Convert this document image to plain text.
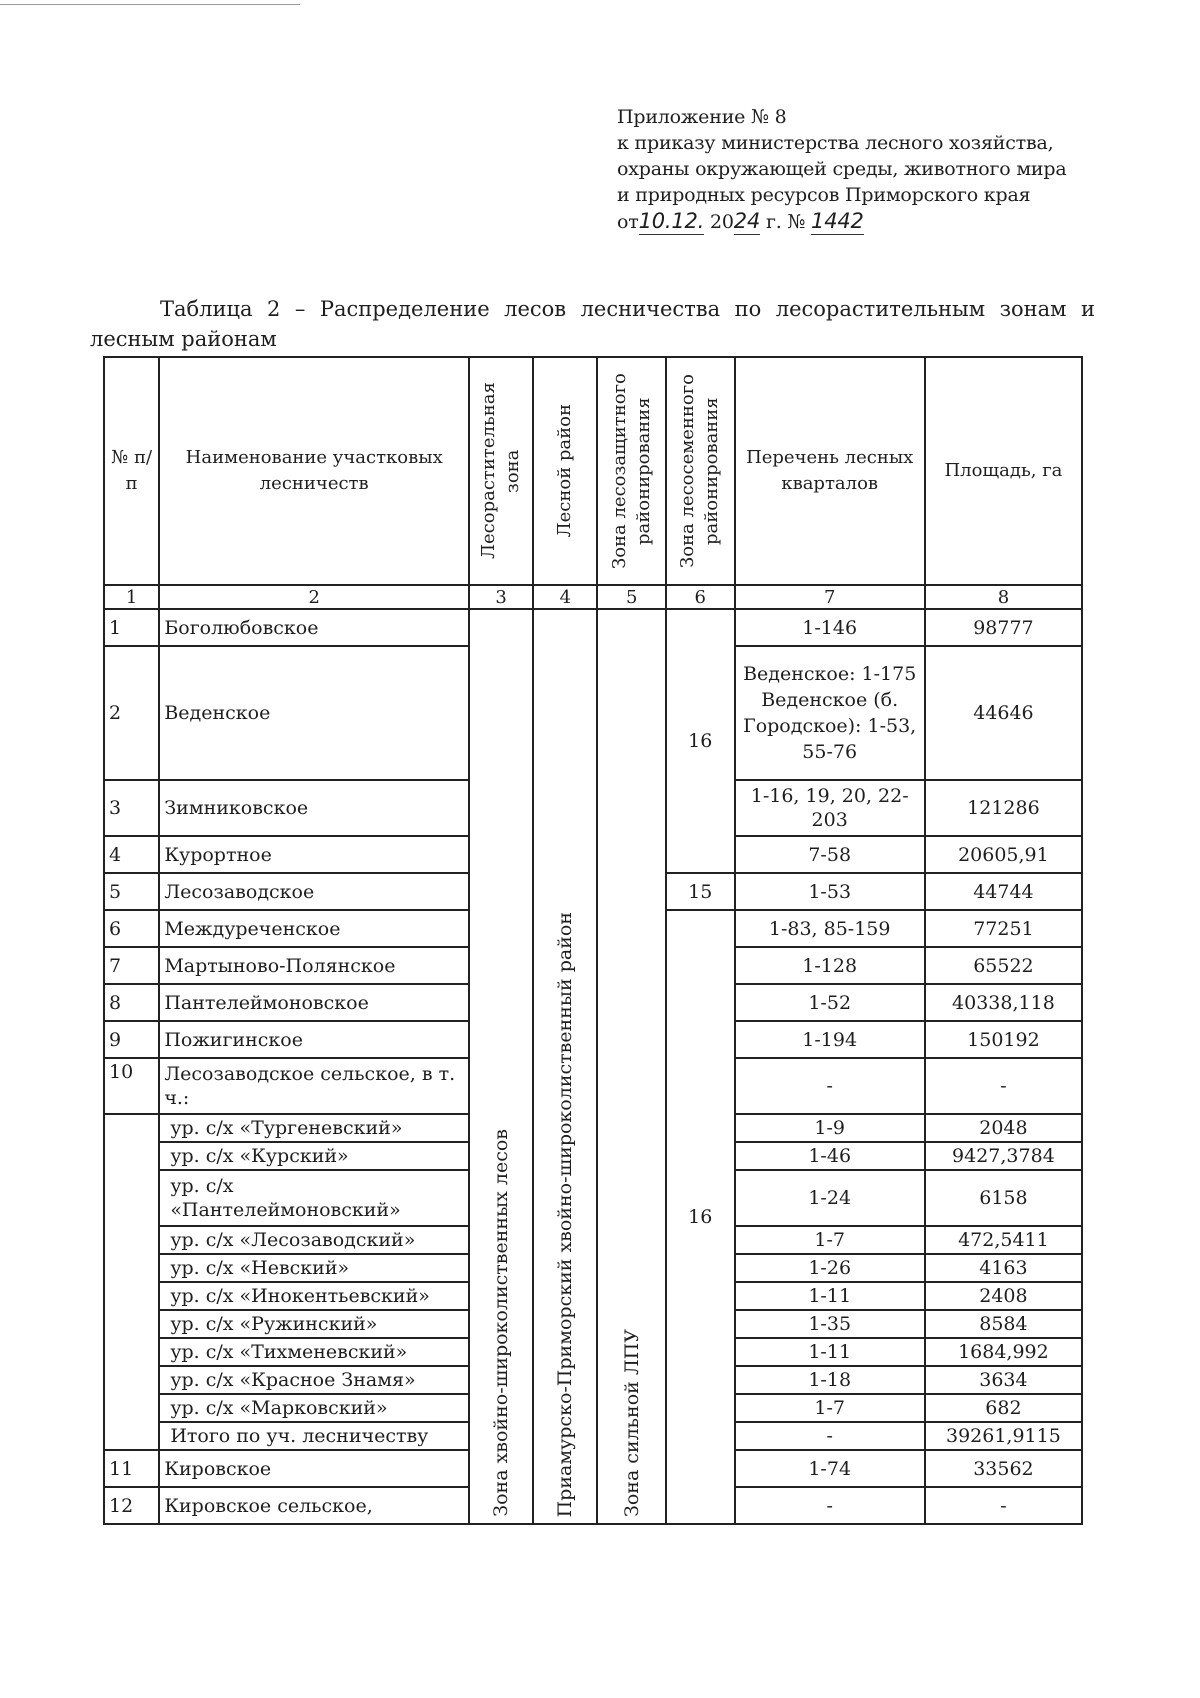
Приложение № 8
к приказу министерства лесного хозяйства,
охраны окружающей среды, животного мира
и природных ресурсов Приморского края
от10.12. 2024 г. № 1442
Таблица 2 – Распределение лесов лесничества по лесорастительным зонам и лесным районам
№ п/п	Наименование участковых лесничеств	Лесорастительная зона	Лесной район	Зона лесозащитного районирования	Зона лесосеменного районирования	Перечень лесных кварталов	Площадь, га
1	2	3	4	5	6	7	8
1	Боголюбовское	Зона хвойно-широколиственных лесов	Приамурско-Приморский хвойно-широколиственный район	Зона сильной ЛПУ	16	1-146	98777
2	Веденское					Веденское: 1-175 Веденское (б. Городское): 1-53, 55-76	44646
3	Зимниковское					1-16, 19, 20, 22-203	121286
4	Курортное					7-58	20605,91
5	Лесозаводское				15	1-53	44744
6	Междуреченское				16	1-83, 85-159	77251
7	Мартыново-Полянское					1-128	65522
8	Пантелеймоновское					1-52	40338,118
9	Пожигинское					1-194	150192
10	Лесозаводское сельское, в т. ч.:					-	-
	ур. с/х «Тургеневский»					1-9	2048
	ур. с/х «Курский»					1-46	9427,3784
	ур. с/х «Пантелеймоновский»					1-24	6158
	ур. с/х «Лесозаводский»					1-7	472,5411
	ур. с/х «Невский»					1-26	4163
	ур. с/х «Инокентьевский»					1-11	2408
	ур. с/х «Ружинский»					1-35	8584
	ур. с/х «Тихменевский»					1-11	1684,992
	ур. с/х «Красное Знамя»					1-18	3634
	ур. с/х «Марковский»					1-7	682
	Итого по уч. лесничеству					-	39261,9115
11	Кировское					1-74	33562
12	Кировское сельское,					-	-
